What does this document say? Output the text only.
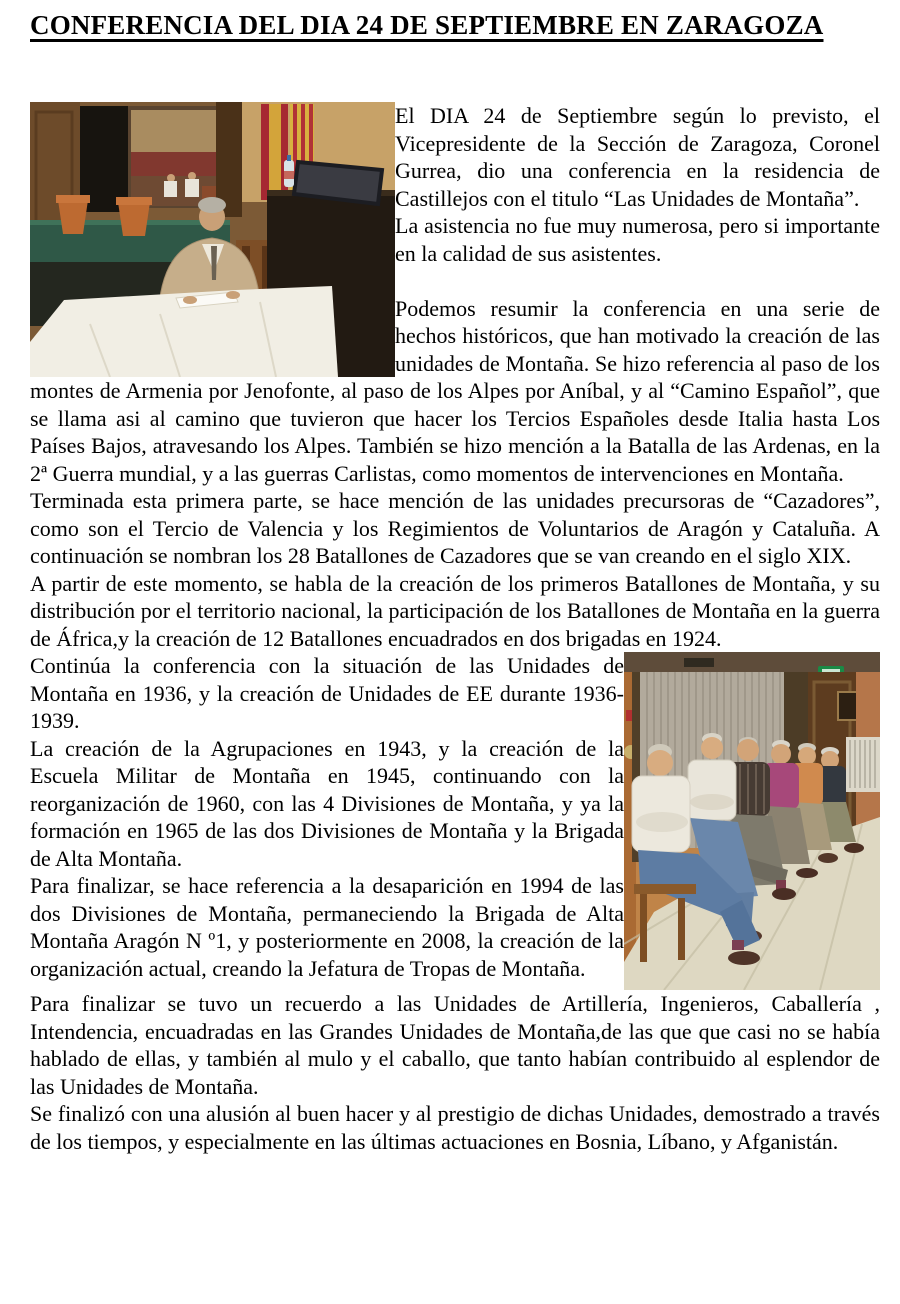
CONFERENCIA DEL DIA 24 DE SEPTIEMBRE EN ZARAGOZA

El DIA 24 de Septiembre según lo previsto, el Vicepresidente de la Sección de Zaragoza, Coronel Gurrea, dio una conferencia en la residencia de Castillejos con el titulo “Las Unidades de Montaña”.

La asistencia no fue muy numerosa, pero si importante en la calidad de sus asistentes.

Podemos resumir la conferencia en una serie de hechos históricos, que han motivado la creación de las unidades de Montaña. Se hizo referencia al paso de los montes de Armenia por Jenofonte, al paso de los Alpes por Aníbal, y al “Camino Español”, que se llama asi al camino que tuvieron que hacer los Tercios Españoles desde Italia hasta Los Países Bajos, atravesando los Alpes. También se hizo mención a la Batalla de las Ardenas, en la 2ª Guerra mundial, y a las guerras Carlistas, como momentos de intervenciones en Montaña.

Terminada esta primera parte, se hace mención de las unidades precursoras de “Cazadores”, como son el Tercio de Valencia y los Regimientos de Voluntarios de Aragón y Cataluña. A continuación se nombran los 28 Batallones de Cazadores que se van creando en el siglo XIX.

A partir de este momento, se habla de la creación de los primeros Batallones de Montaña, y su distribución por el territorio nacional, la participación de los Batallones de Montaña en la guerra de África,y la creación de 12 Batallones encuadrados en dos brigadas en 1924.

Continúa la conferencia con la situación de las Unidades de Montaña en 1936, y la creación de Unidades de EE durante 1936-1939.

La creación de la Agrupaciones en 1943, y la creación de la Escuela Militar de Montaña en 1945, continuando con la reorganización de 1960, con las 4 Divisiones de Montaña, y ya la formación en 1965 de las dos Divisiones de Montaña y la Brigada de Alta Montaña.

Para finalizar, se hace referencia a la desaparición en 1994 de las dos Divisiones de Montaña, permaneciendo la Brigada de Alta Montaña Aragón N º1, y posteriormente en 2008, la creación de la organización actual, creando la Jefatura de Tropas de Montaña.

Para finalizar se tuvo un recuerdo a las Unidades de Artillería, Ingenieros, Caballería , Intendencia, encuadradas en las Grandes Unidades de Montaña,de las que que casi no se había hablado de ellas, y también al mulo y el caballo, que tanto habían contribuido al esplendor de las Unidades de Montaña.

Se finalizó con una alusión al buen hacer y al prestigio de dichas Unidades, demostrado a través de los tiempos, y especialmente en las últimas actuaciones en Bosnia, Líbano, y Afganistán.
